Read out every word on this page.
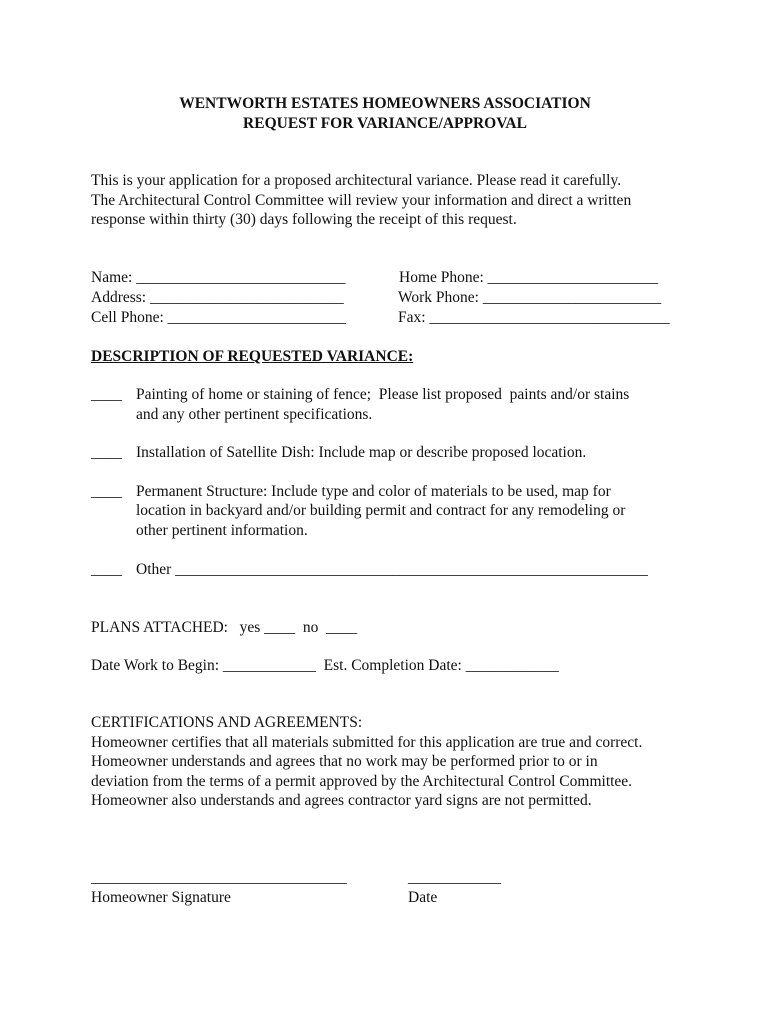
WENTWORTH ESTATES HOMEOWNERS ASSOCIATION
REQUEST FOR VARIANCE/APPROVAL
This is your application for a proposed architectural variance. Please read it carefully.
The Architectural Control Committee will review your information and direct a written
response within thirty (30) days following the receipt of this request.
Name: ___________________________
Address: _________________________
Cell Phone: _______________________
Home Phone: ______________________
Work Phone: _______________________
Fax: _______________________________
DESCRIPTION OF REQUESTED VARIANCE:
____ Painting of home or staining of fence;  Please list proposed  paints and/or stains
and any other pertinent specifications.
____ Installation of Satellite Dish: Include map or describe proposed location.
____ Permanent Structure: Include type and color of materials to be used, map for
location in backyard and/or building permit and contract for any remodeling or
other pertinent information.
____ Other _____________________________________________________________
PLANS ATTACHED:   yes ____  no  ____
Date Work to Begin: ____________  Est. Completion Date: ____________
CERTIFICATIONS AND AGREEMENTS:
Homeowner certifies that all materials submitted for this application are true and correct.
Homeowner understands and agrees that no work may be performed prior to or in
deviation from the terms of a permit approved by the Architectural Control Committee.
Homeowner also understands and agrees contractor yard signs are not permitted.
_________________________________
Homeowner Signature
____________
Date
